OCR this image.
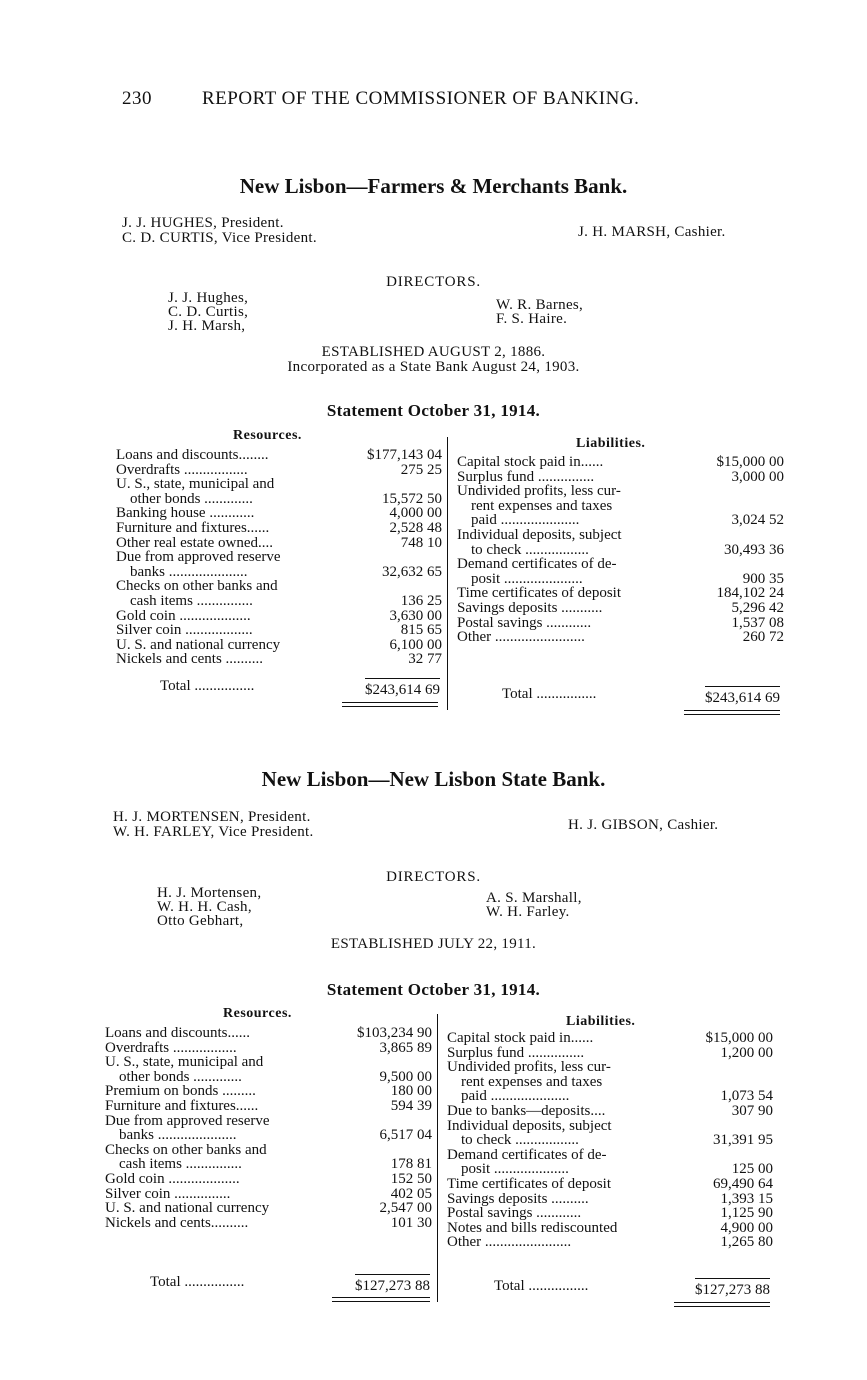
230	REPORT OF THE COMMISSIONER OF BANKING.
New Lisbon—Farmers & Merchants Bank.
J. J. HUGHES, President.
C. D. CURTIS, Vice President.	J. H. MARSH, Cashier.
DIRECTORS.
J. J. Hughes,
C. D. Curtis,
J. H. Marsh,
W. R. Barnes,
F. S. Haire.
ESTABLISHED AUGUST 2, 1886.
Incorporated as a State Bank August 24, 1903.
Statement October 31, 1914.
Resources.
Liabilities.
Loans and discounts........	$177,143 04
Overdrafts .................	275 25
U. S., state, municipal and
other bonds .............	15,572 50
Banking house ............	4,000 00
Furniture and fixtures......	2,528 48
Other real estate owned....	748 10
Due from approved reserve
banks .....................	32,632 65
Checks on other banks and
cash items ...............	136 25
Gold coin ...................	3,630 00
Silver coin ..................	815 65
U. S. and national currency	6,100 00
Nickels and cents ..........	32 77
Capital stock paid in......	$15,000 00
Surplus fund ...............	3,000 00
Undivided profits, less cur-
rent expenses and taxes
paid .....................	3,024 52
Individual deposits, subject
to check .................	30,493 36
Demand certificates of de-
posit .....................	900 35
Time certificates of deposit	184,102 24
Savings deposits ...........	5,296 42
Postal savings ............	1,537 08
Other ........................	260 72
Total ................	$243,614 69	Total ................	$243,614 69
New Lisbon—New Lisbon State Bank.
H. J. MORTENSEN, President.
W. H. FARLEY, Vice President.	H. J. GIBSON, Cashier.
DIRECTORS.
H. J. Mortensen,
W. H. H. Cash,
Otto Gebhart,
A. S. Marshall,
W. H. Farley.
ESTABLISHED JULY 22, 1911.
Statement October 31, 1914.
Resources.
Liabilities.
Loans and discounts......	$103,234 90
Overdrafts .................	3,865 89
U. S., state, municipal and
other bonds .............	9,500 00
Premium on bonds .........	180 00
Furniture and fixtures......	594 39
Due from approved reserve
banks .....................	6,517 04
Checks on other banks and
cash items ...............	178 81
Gold coin ...................	152 50
Silver coin ...............	402 05
U. S. and national currency	2,547 00
Nickels and cents..........	101 30
Capital stock paid in......	$15,000 00
Surplus fund ...............	1,200 00
Undivided profits, less cur-
rent expenses and taxes
paid .....................	1,073 54
Due to banks—deposits....	307 90
Individual deposits, subject
to check .................	31,391 95
Demand certificates of de-
posit ....................	125 00
Time certificates of deposit	69,490 64
Savings deposits ..........	1,393 15
Postal savings ............	1,125 90
Notes and bills rediscounted	4,900 00
Other .......................	1,265 80
Total ................	$127,273 88	Total ................	$127,273 88
